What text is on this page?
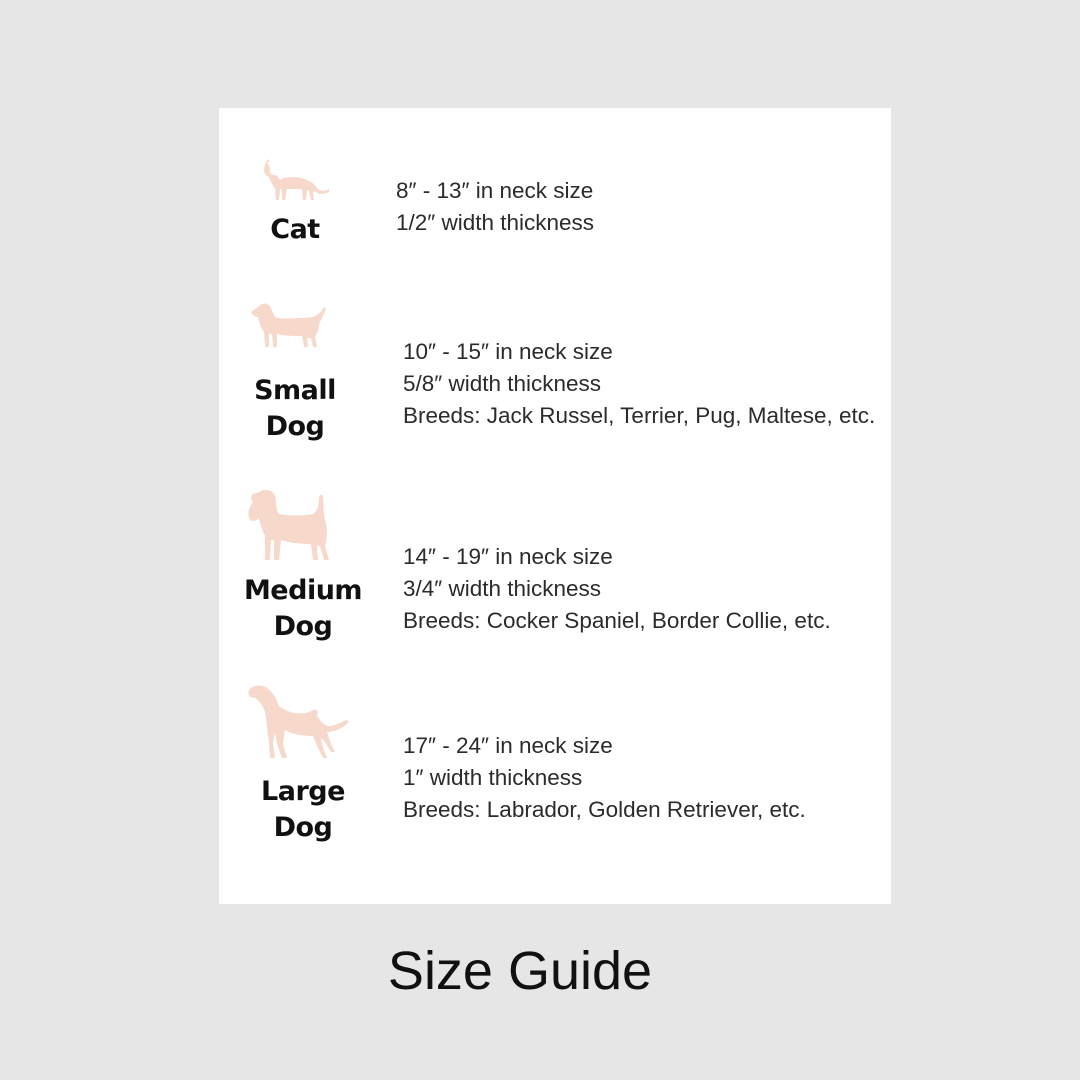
Cat
8″ - 13″ in neck size
1/2″ width thickness
Small
Dog
10″ - 15″ in neck size
5/8″ width thickness
Breeds: Jack Russel, Terrier, Pug, Maltese, etc.
Medium
Dog
14″ - 19″ in neck size
3/4″ width thickness
Breeds: Cocker Spaniel, Border Collie, etc.
Large
Dog
17″ - 24″ in neck size
1″ width thickness
Breeds: Labrador, Golden Retriever, etc.
Size Guide
